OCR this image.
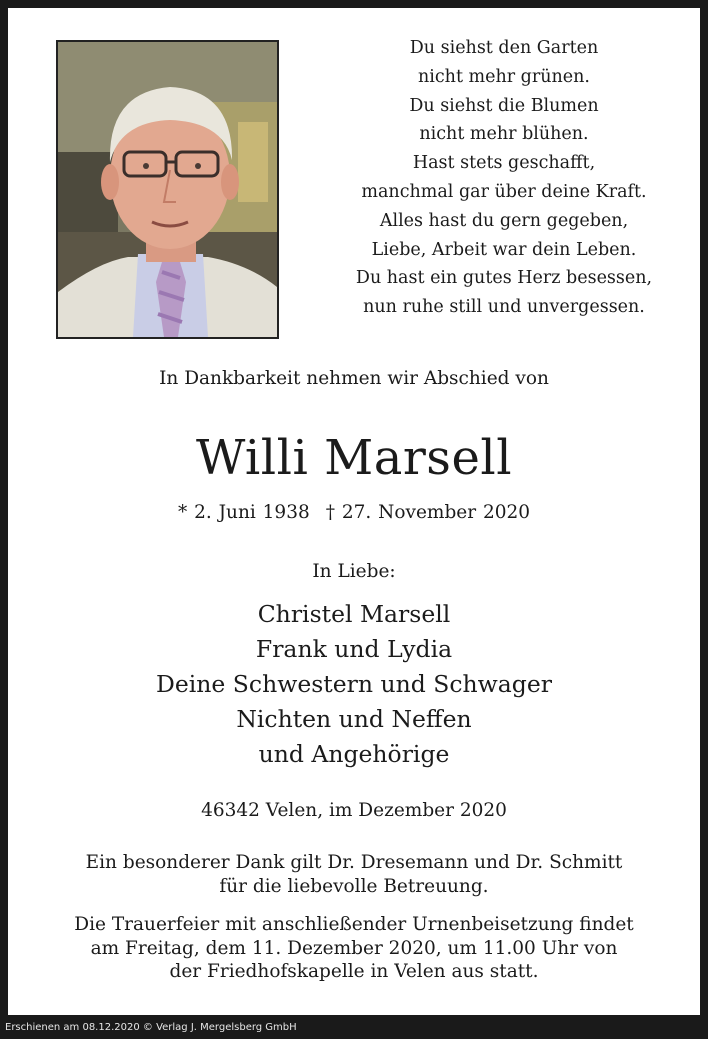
Du siehst den Garten
nicht mehr grünen.
Du siehst die Blumen
nicht mehr blühen.
Hast stets geschafft,
manchmal gar über deine Kraft.
Alles hast du gern gegeben,
Liebe, Arbeit war dein Leben.
Du hast ein gutes Herz besessen,
nun ruhe still und unvergessen.
In Dankbarkeit nehmen wir Abschied von
Willi Marsell
* 2. Juni 1938 † 27. November 2020
In Liebe:
Christel Marsell
Frank und Lydia
Deine Schwestern und Schwager
Nichten und Neffen
und Angehörige
46342 Velen, im Dezember 2020
Ein besonderer Dank gilt Dr. Dresemann und Dr. Schmitt
für die liebevolle Betreuung.
Die Trauerfeier mit anschließender Urnenbeisetzung findet
am Freitag, dem 11. Dezember 2020, um 11.00 Uhr von
der Friedhofskapelle in Velen aus statt.
Erschienen am 08.12.2020 © Verlag J. Mergelsberg GmbH
